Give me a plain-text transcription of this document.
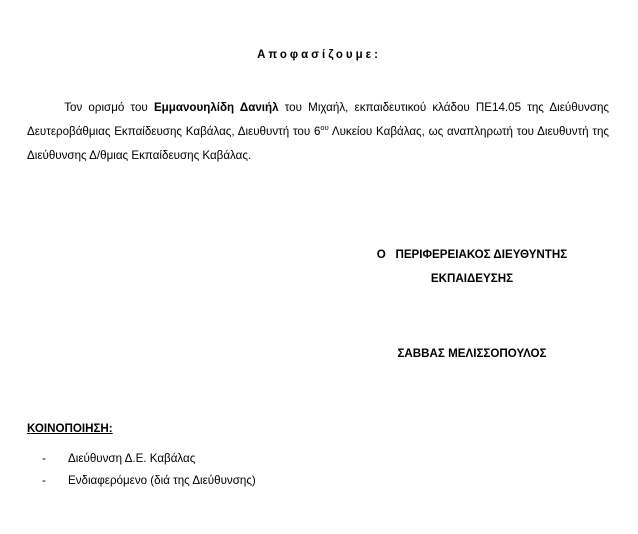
Αποφασίζουμε:
Τον ορισμό του Εμμανουηλίδη Δανιήλ του Μιχαήλ, εκπαιδευτικού κλάδου ΠΕ14.05 της Διεύθυνσης Δευτεροβάθμιας Εκπαίδευσης Καβάλας, Διευθυντή του $6^{o\upsilon}$ Λυκείου Καβάλας, ως αναπληρωτή του Διευθυντή της Διεύθυνσης Δ/θμιας Εκπαίδευσης Καβάλας.
Ο   ΠΕΡΙΦΕΡΕΙΑΚΟΣ ΔΙΕΥΘΥΝΤΗΣ
ΕΚΠΑΙΔΕΥΣΗΣ
ΣΑΒΒΑΣ ΜΕΛΙΣΣΟΠΟΥΛΟΣ
ΚΟΙΝΟΠΟΙΗΣΗ:
- Διεύθυνση Δ.Ε. Καβάλας
- Ενδιαφερόμενο (διά της Διεύθυνσης)
